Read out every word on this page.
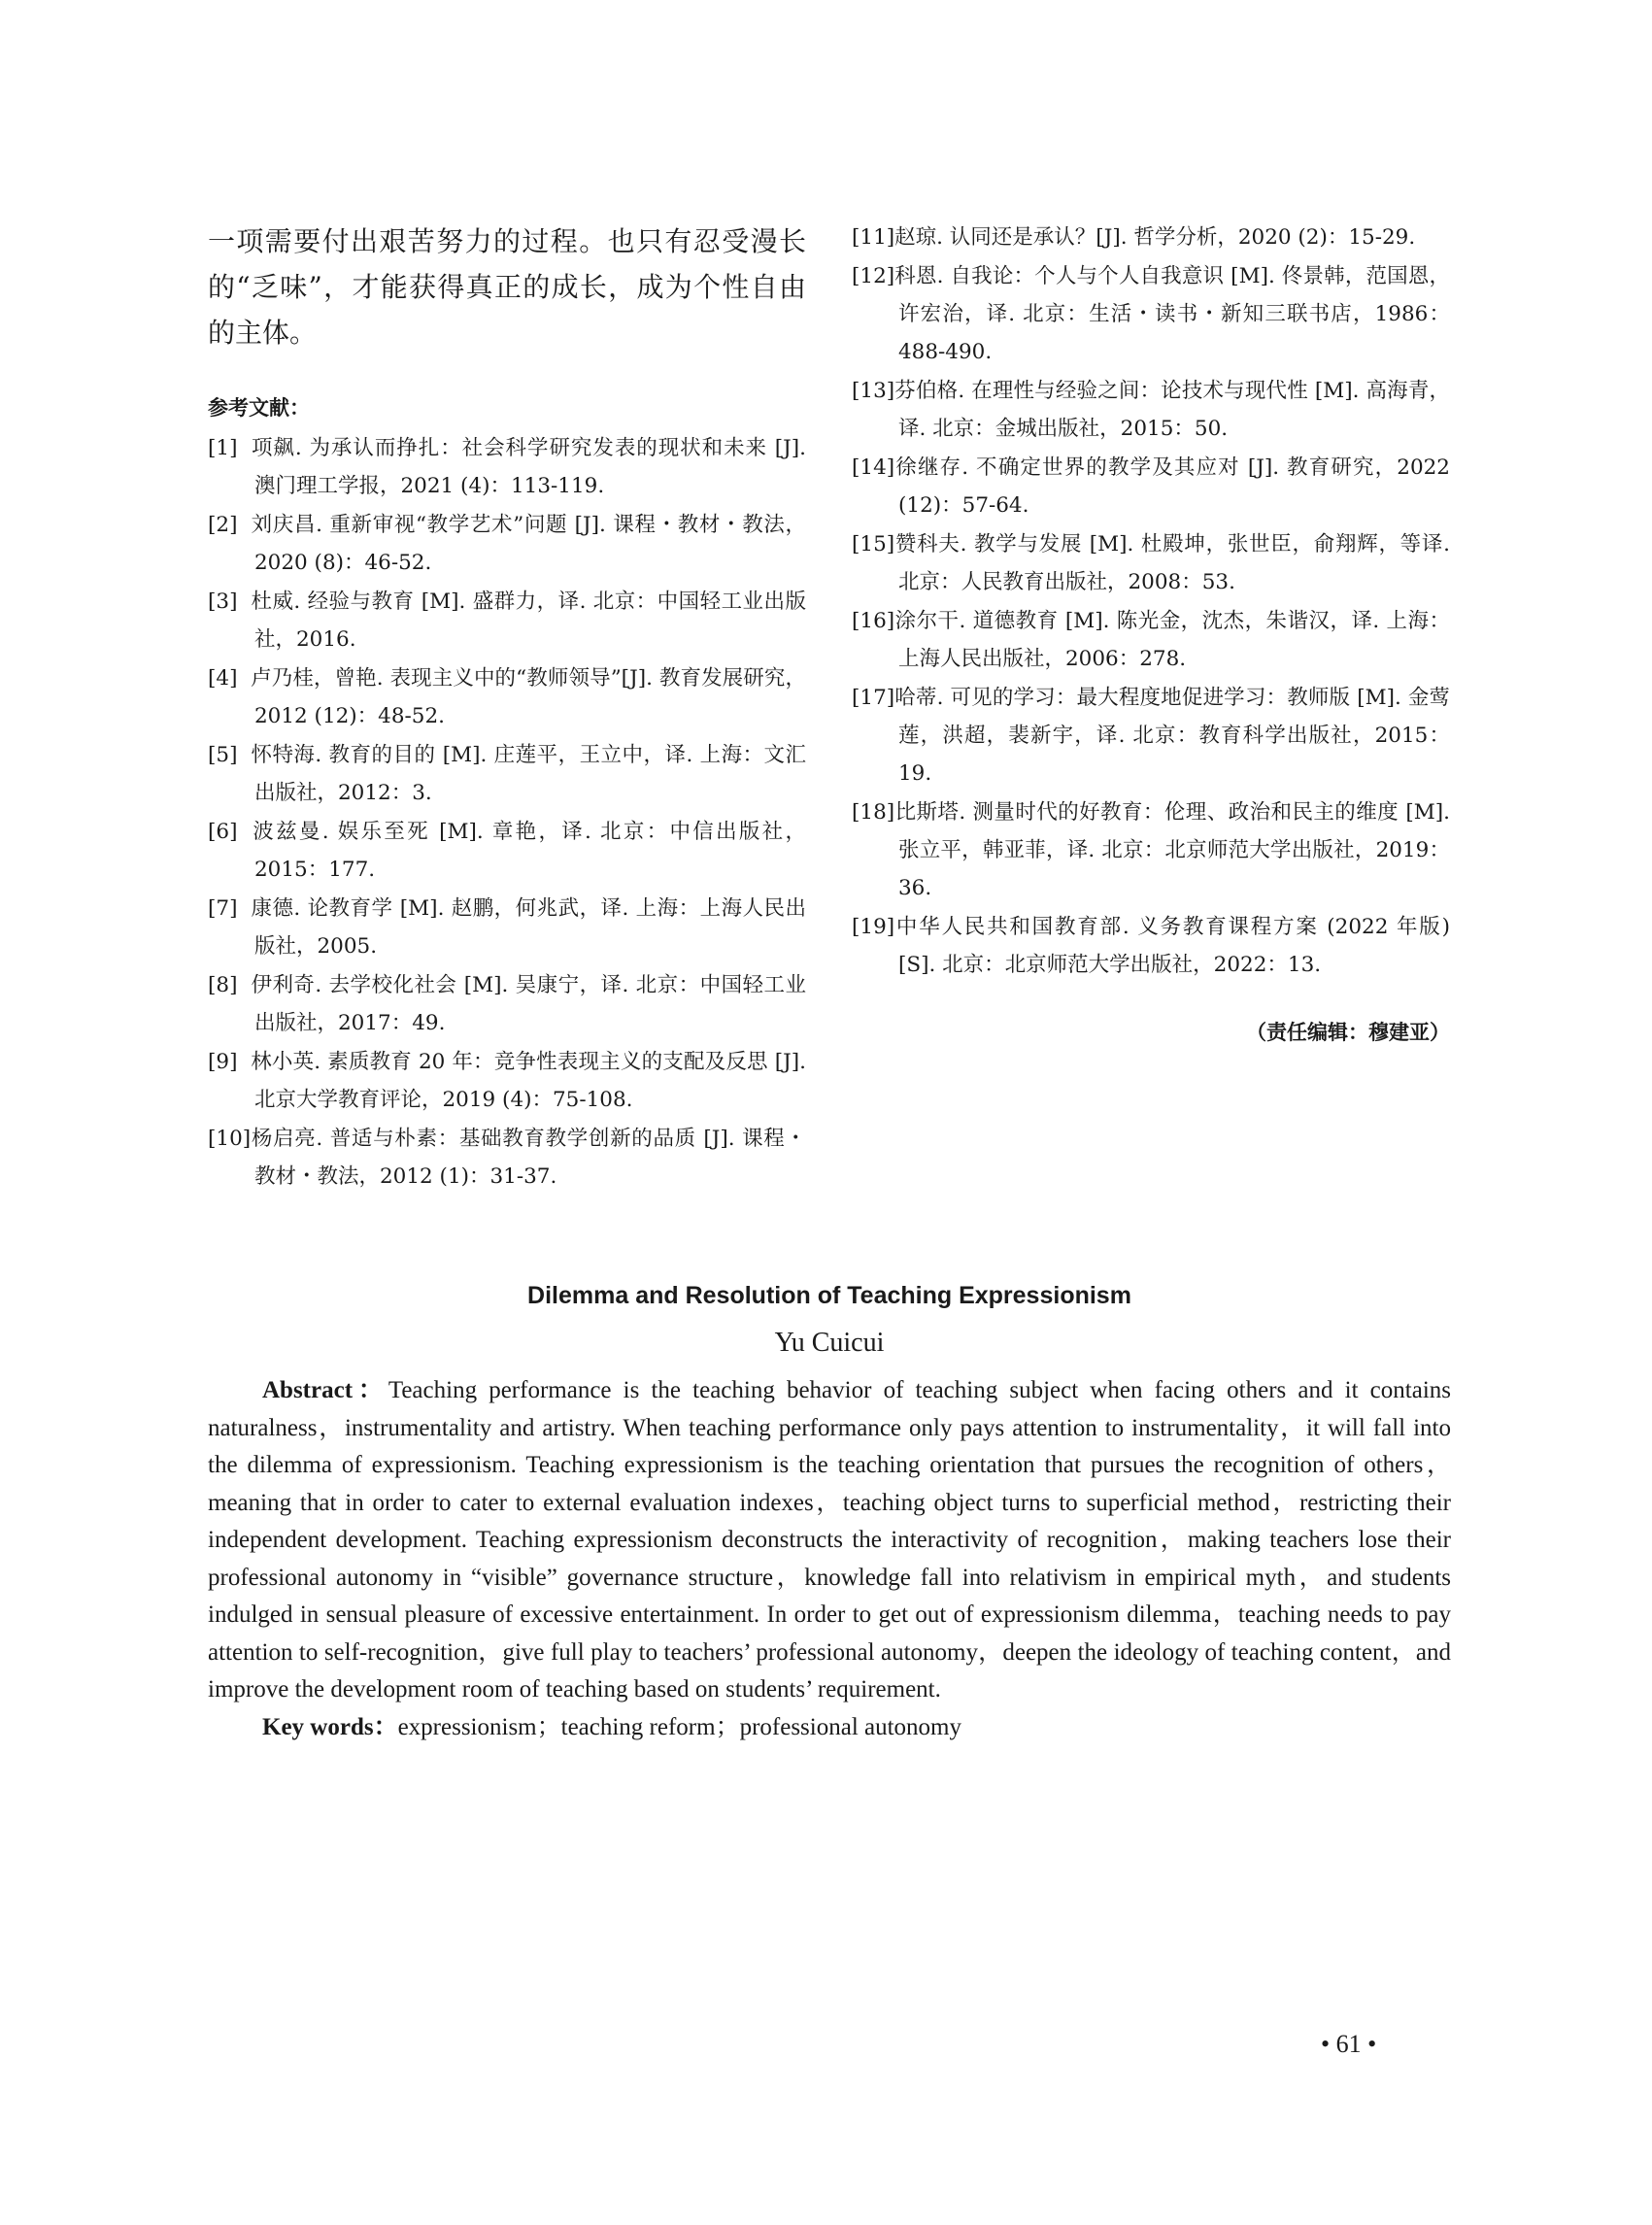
一项需要付出艰苦努力的过程。也只有忍受漫长的“乏味”，才能获得真正的成长，成为个性自由的主体。

参考文献：

[1] 项飙. 为承认而挣扎：社会科学研究发表的现状和未来 [J]. 澳门理工学报，2021 (4)：113-119.

[2] 刘庆昌. 重新审视“教学艺术”问题 [J]. 课程・教材・教法，2020 (8)：46-52.

[3] 杜威. 经验与教育 [M]. 盛群力，译. 北京：中国轻工业出版社，2016.

[4] 卢乃桂，曾艳. 表现主义中的“教师领导”[J]. 教育发展研究，2012 (12)：48-52.

[5] 怀特海. 教育的目的 [M]. 庄莲平，王立中，译. 上海：文汇出版社，2012：3.

[6] 波兹曼. 娱乐至死 [M]. 章艳，译. 北京：中信出版社，2015：177.

[7] 康德. 论教育学 [M]. 赵鹏，何兆武，译. 上海：上海人民出版社，2005.

[8] 伊利奇. 去学校化社会 [M]. 吴康宁，译. 北京：中国轻工业出版社，2017：49.

[9] 林小英. 素质教育 20 年：竞争性表现主义的支配及反思 [J]. 北京大学教育评论，2019 (4)：75-108.

[10]杨启亮. 普适与朴素：基础教育教学创新的品质 [J]. 课程・教材・教法，2012 (1)：31-37.

[11]赵琼. 认同还是承认？[J]. 哲学分析，2020 (2)：15-29.

[12]科恩. 自我论：个人与个人自我意识 [M]. 佟景韩，范国恩，许宏治，译. 北京：生活・读书・新知三联书店，1986：488-490.

[13]芬伯格. 在理性与经验之间：论技术与现代性 [M]. 高海青，译. 北京：金城出版社，2015：50.

[14]徐继存. 不确定世界的教学及其应对 [J]. 教育研究，2022 (12)：57-64.

[15]赞科夫. 教学与发展 [M]. 杜殿坤，张世臣，俞翔辉，等译. 北京：人民教育出版社，2008：53.

[16]涂尔干. 道德教育 [M]. 陈光金，沈杰，朱谐汉，译. 上海：上海人民出版社，2006：278.

[17]哈蒂. 可见的学习：最大程度地促进学习：教师版 [M]. 金莺莲，洪超，裴新宇，译. 北京：教育科学出版社，2015：19.

[18]比斯塔. 测量时代的好教育：伦理、政治和民主的维度 [M]. 张立平，韩亚菲，译. 北京：北京师范大学出版社，2019：36.

[19]中华人民共和国教育部. 义务教育课程方案 (2022 年版) [S]. 北京：北京师范大学出版社，2022：13.

（责任编辑：穆建亚）
Dilemma and Resolution of Teaching Expressionism
Yu Cuicui

Abstract：Teaching performance is the teaching behavior of teaching subject when facing others and it contains naturalness，instrumentality and artistry. When teaching performance only pays attention to instrumentality，it will fall into the dilemma of expressionism. Teaching expressionism is the teaching orientation that pursues the recognition of others，meaning that in order to cater to external evaluation indexes，teaching object turns to superficial method，restricting their independent development. Teaching expressionism deconstructs the interactivity of recognition，making teachers lose their professional autonomy in “visible” governance structure，knowledge fall into relativism in empirical myth，and students indulged in sensual pleasure of excessive entertainment. In order to get out of expressionism dilemma，teaching needs to pay attention to self-recognition，give full play to teachers’ professional autonomy，deepen the ideology of teaching content，and improve the development room of teaching based on students’ requirement.

Key words：expressionism；teaching reform；professional autonomy

• 61 •
